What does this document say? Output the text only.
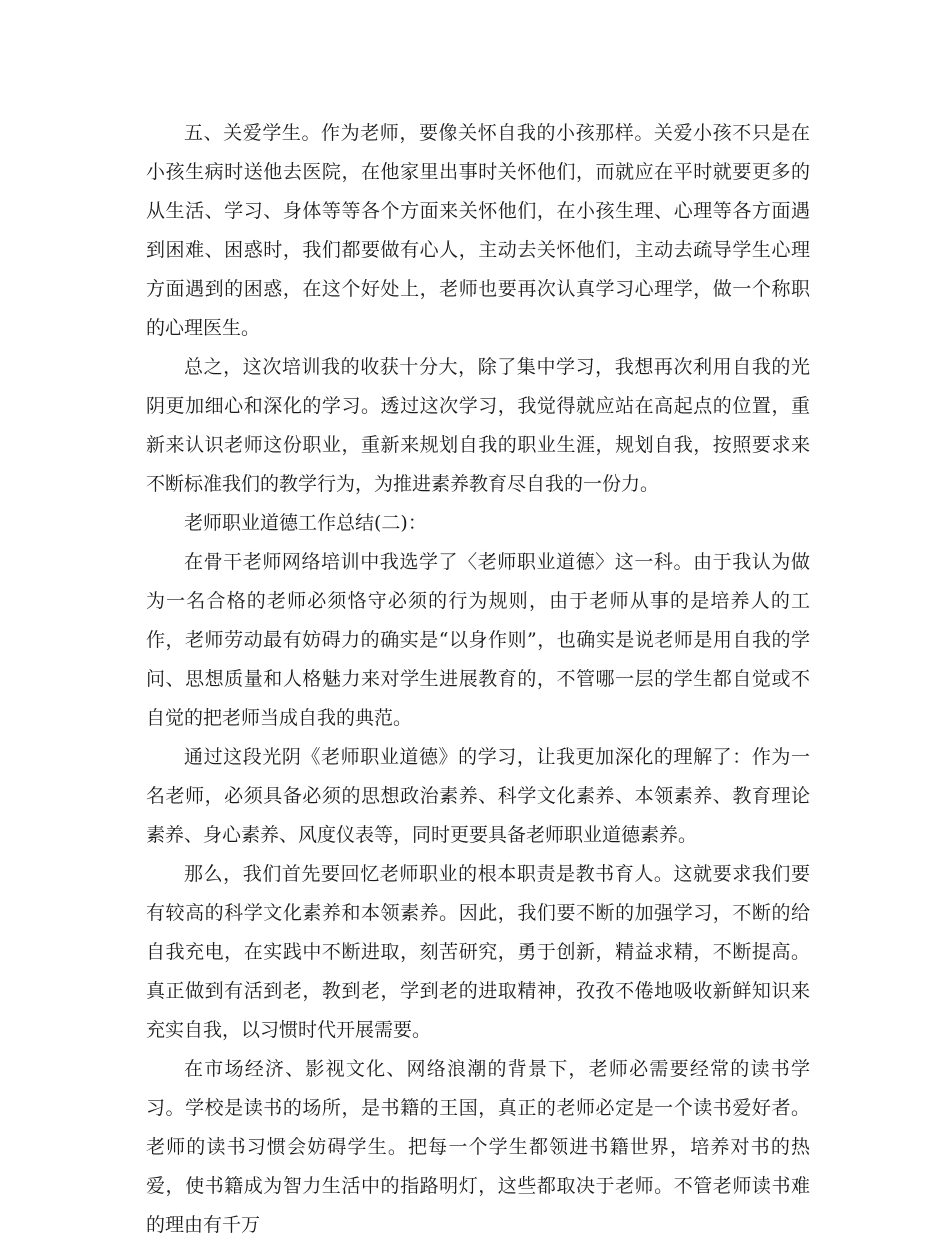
五、关爱学生。作为老师，要像关怀自我的小孩那样。关爱小孩不只是在小孩生病时送他去医院，在他家里出事时关怀他们，而就应在平时就要更多的从生活、学习、身体等等各个方面来关怀他们，在小孩生理、心理等各方面遇到困难、困惑时，我们都要做有心人，主动去关怀他们，主动去疏导学生心理方面遇到的困惑，在这个好处上，老师也要再次认真学习心理学，做一个称职的心理医生。

总之，这次培训我的收获十分大，除了集中学习，我想再次利用自我的光阴更加细心和深化的学习。透过这次学习，我觉得就应站在高起点的位置，重新来认识老师这份职业，重新来规划自我的职业生涯，规划自我，按照要求来不断标准我们的教学行为，为推进素养教育尽自我的一份力。

老师职业道德工作总结(二)：

在骨干老师网络培训中我选学了〈老师职业道德〉这一科。由于我认为做为一名合格的老师必须恪守必须的行为规则，由于老师从事的是培养人的工作，老师劳动最有妨碍力的确实是“以身作则”，也确实是说老师是用自我的学问、思想质量和人格魅力来对学生进展教育的，不管哪一层的学生都自觉或不自觉的把老师当成自我的典范。

通过这段光阴《老师职业道德》的学习，让我更加深化的理解了：作为一名老师，必须具备必须的思想政治素养、科学文化素养、本领素养、教育理论素养、身心素养、风度仪表等，同时更要具备老师职业道德素养。

那么，我们首先要回忆老师职业的根本职责是教书育人。这就要求我们要有较高的科学文化素养和本领素养。因此，我们要不断的加强学习，不断的给自我充电，在实践中不断进取，刻苦研究，勇于创新，精益求精，不断提高。真正做到有活到老，教到老，学到老的进取精神，孜孜不倦地吸收新鲜知识来充实自我，以习惯时代开展需要。

在市场经济、影视文化、网络浪潮的背景下，老师必需要经常的读书学习。学校是读书的场所，是书籍的王国，真正的老师必定是一个读书爱好者。老师的读书习惯会妨碍学生。把每一个学生都领进书籍世界，培养对书的热爱，使书籍成为智力生活中的指路明灯，这些都取决于老师。不管老师读书难的理由有千万
